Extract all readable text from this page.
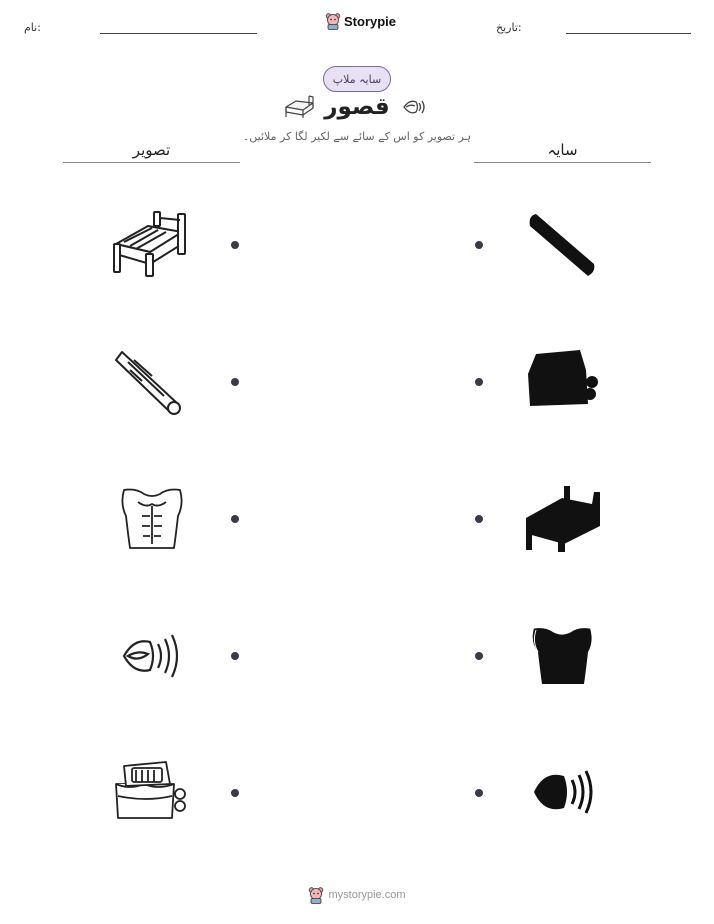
نام:	Storypie	تاریخ:
سایہ ملاپ
قصور
ہر تصویر کو اس کے سائے سے لکیر لگا کر ملائیں۔
تصویر	سایہ
mystorypie.com
